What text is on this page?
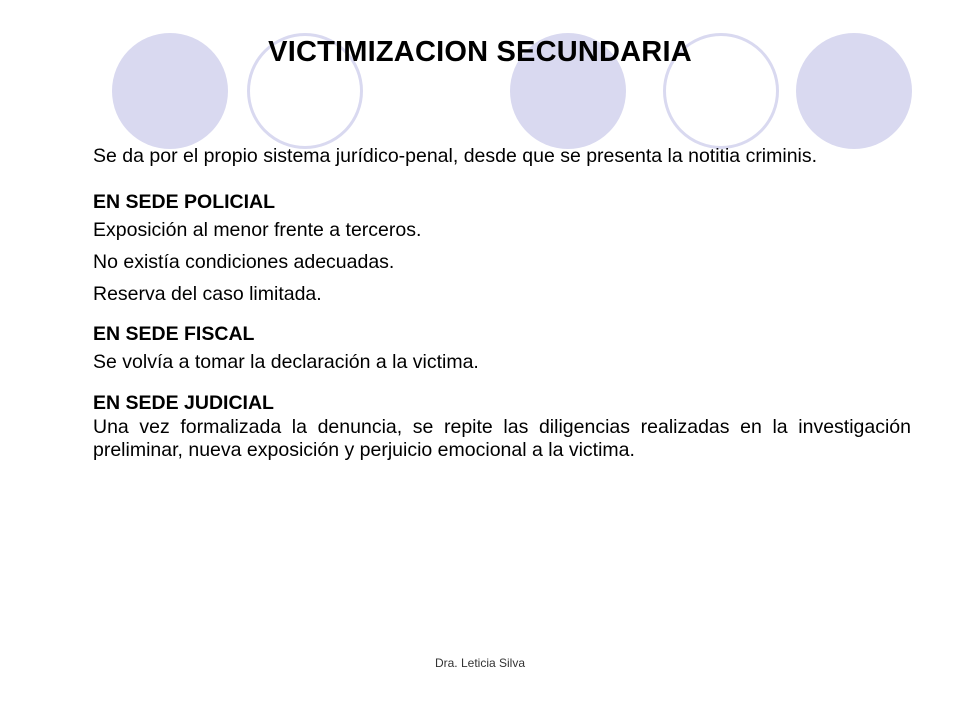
VICTIMIZACION SECUNDARIA

Se da por el propio sistema jurídico-penal, desde que se presenta la notitia criminis.

EN SEDE POLICIAL

Exposición al menor frente a terceros.

No existía condiciones adecuadas.

Reserva del caso limitada.

EN SEDE FISCAL

Se volvía a tomar la declaración a la victima.

EN SEDE JUDICIAL

Una vez formalizada la denuncia, se repite las diligencias realizadas en la investigación preliminar, nueva exposición y perjuicio emocional a la victima.

Dra. Leticia Silva
